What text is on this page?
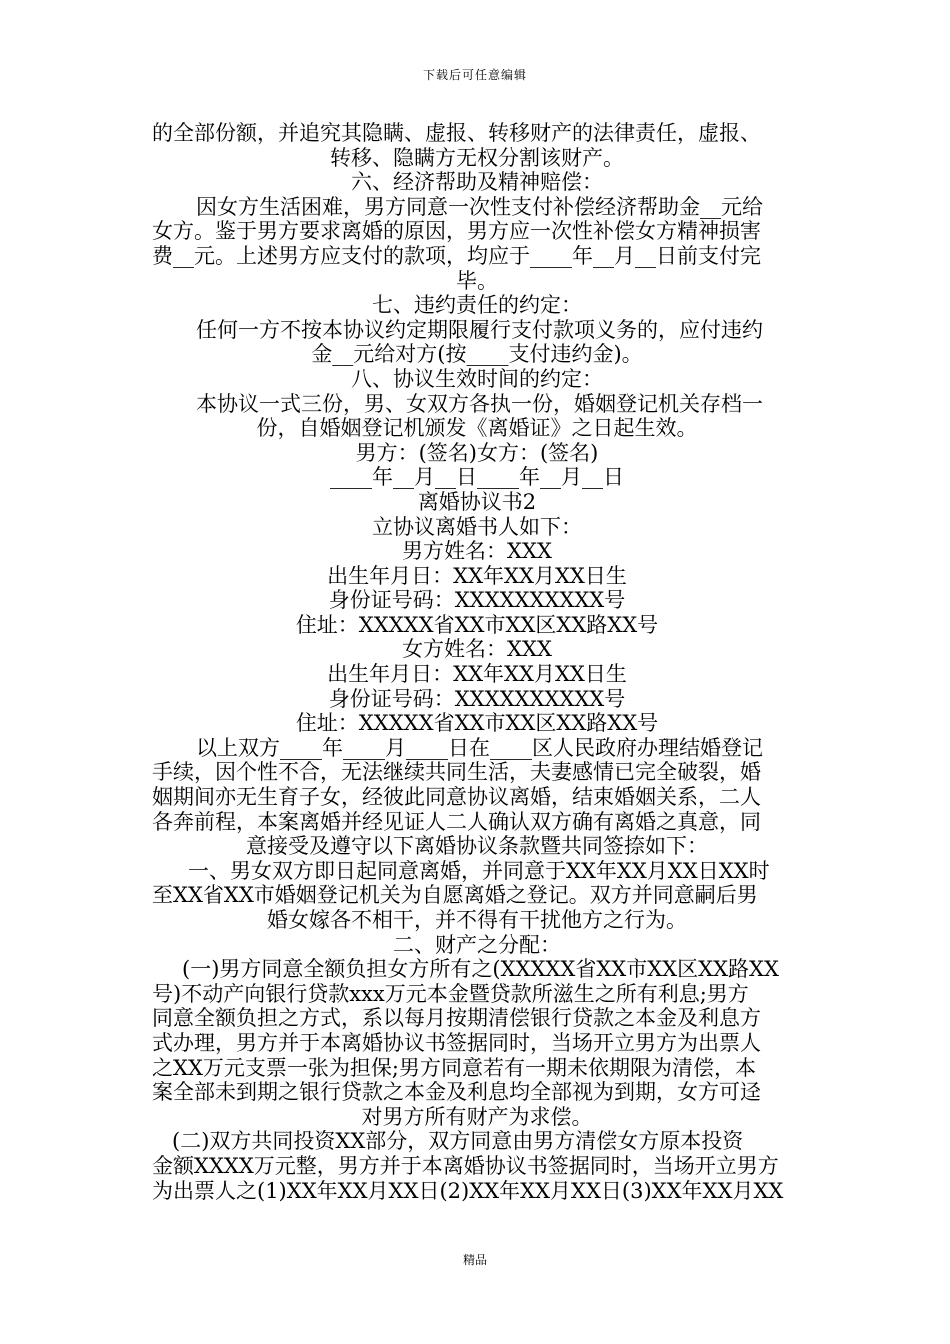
下载后可任意编辑
的全部份额，并追究其隐瞒、虚报、转移财产的法律责任，虚报、
转移、隐瞒方无权分割该财产。
六、经济帮助及精神赔偿：
因女方生活困难，男方同意一次性支付补偿经济帮助金__元给
女方。鉴于男方要求离婚的原因，男方应一次性补偿女方精神损害
费__元。上述男方应支付的款项，均应于____年__月__日前支付完
毕。
七、违约责任的约定：
任何一方不按本协议约定期限履行支付款项义务的，应付违约
金__元给对方(按____支付违约金)。
八、协议生效时间的约定：
本协议一式三份，男、女双方各执一份，婚姻登记机关存档一
份，自婚姻登记机颁发《离婚证》之日起生效。
男方：(签名)女方：(签名)
____年__月__日____年__月__日
离婚协议书2
立协议离婚书人如下：
男方姓名：XXX
出生年月日：XX年XX月XX日生
身份证号码：XXXXXXXXXX号
住址：XXXXX省XX市XX区XX路XX号
女方姓名：XXX
出生年月日：XX年XX月XX日生
身份证号码：XXXXXXXXXX号
住址：XXXXX省XX市XX区XX路XX号
以上双方____年____月____日在____区人民政府办理结婚登记
手续，因个性不合，无法继续共同生活，夫妻感情已完全破裂，婚
姻期间亦无生育子女，经彼此同意协议离婚，结束婚姻关系，二人
各奔前程，本案离婚并经见证人二人确认双方确有离婚之真意，同
意接受及遵守以下离婚协议条款暨共同签捺如下：
一、男女双方即日起同意离婚，并同意于XX年XX月XX日XX时
至XX省XX市婚姻登记机关为自愿离婚之登记。双方并同意嗣后男
婚女嫁各不相干，并不得有干扰他方之行为。
二、财产之分配：
(一)男方同意全额负担女方所有之(XXXXX省XX市XX区XX路XX
号)不动产向银行贷款xxx万元本金暨贷款所滋生之所有利息;男方
同意全额负担之方式，系以每月按期清偿银行贷款之本金及利息方
式办理，男方并于本离婚协议书签据同时，当场开立男方为出票人
之XX万元支票一张为担保;男方同意若有一期未依期限为清偿，本
案全部未到期之银行贷款之本金及利息均全部视为到期，女方可迳
对男方所有财产为求偿。
(二)双方共同投资XX部分，双方同意由男方清偿女方原本投资
金额XXXX万元整，男方并于本离婚协议书签据同时，当场开立男方
为出票人之(1)XX年XX月XX日(2)XX年XX月XX日(3)XX年XX月XX
精品
